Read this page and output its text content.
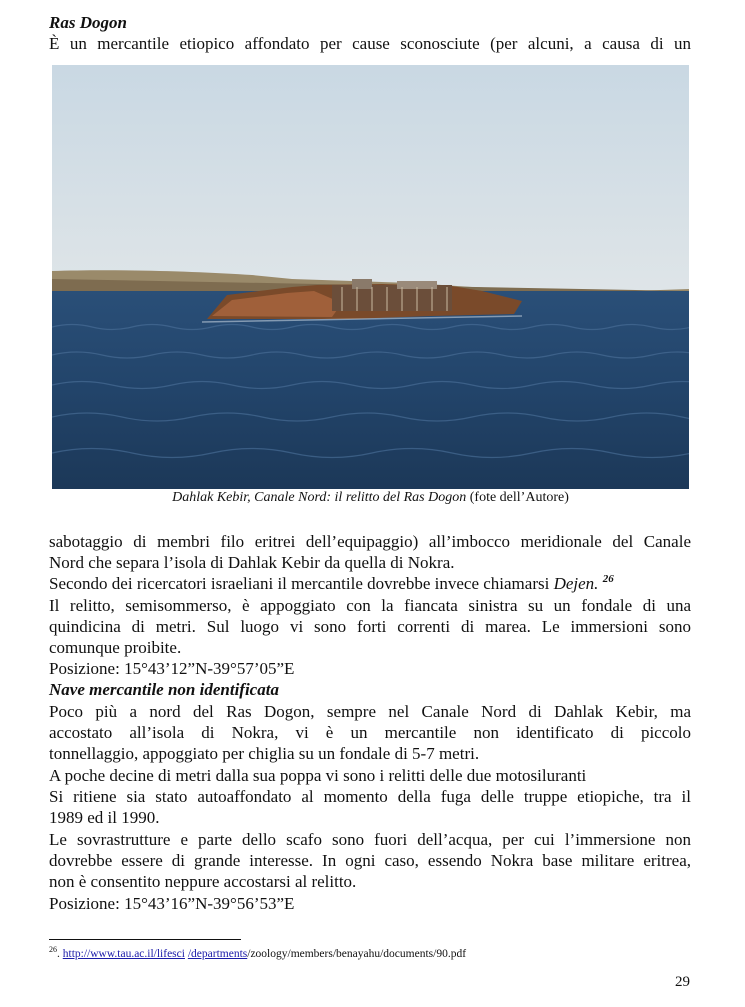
Ras Dogon
È un mercantile etiopico affondato per cause sconosciute (per alcuni, a causa di un
Dahlak Kebir, Canale Nord: il relitto del Ras Dogon (fote dell’Autore)
sabotaggio di membri filo eritrei dell’equipaggio) all’imbocco meridionale del Canale
Nord che separa l’isola di Dahlak Kebir da quella di Nokra.
Secondo dei ricercatori israeliani il mercantile dovrebbe invece chiamarsi Dejen. $^{26}$
Il relitto, semisommerso, è appoggiato con la fiancata sinistra su un fondale di una
quindicina di metri. Sul luogo vi sono forti correnti di marea. Le immersioni sono
comunque proibite.
Posizione: 15°43’12”N-39°57’05”E
Nave mercantile non identificata
Poco più a nord del Ras Dogon, sempre nel Canale Nord di Dahlak Kebir, ma
accostato all’isola di Nokra, vi è un mercantile non identificato di piccolo
tonnellaggio, appoggiato per chiglia su un fondale di 5-7 metri.
A poche decine di metri dalla sua poppa vi sono i relitti delle due motosiluranti
Si ritiene sia stato autoaffondato al momento della fuga delle truppe etiopiche, tra il
1989 ed il 1990.
Le sovrastrutture e parte dello scafo sono fuori dell’acqua, per cui l’immersione non
dovrebbe essere di grande interesse. In ogni caso, essendo Nokra base militare eritrea,
non è consentito neppure accostarsi al relitto.
Posizione: 15°43’16”N-39°56’53”E
$^{26}$. http://www.tau.ac.il/lifesci /departments/zoology/members/benayahu/documents/90.pdf
29
